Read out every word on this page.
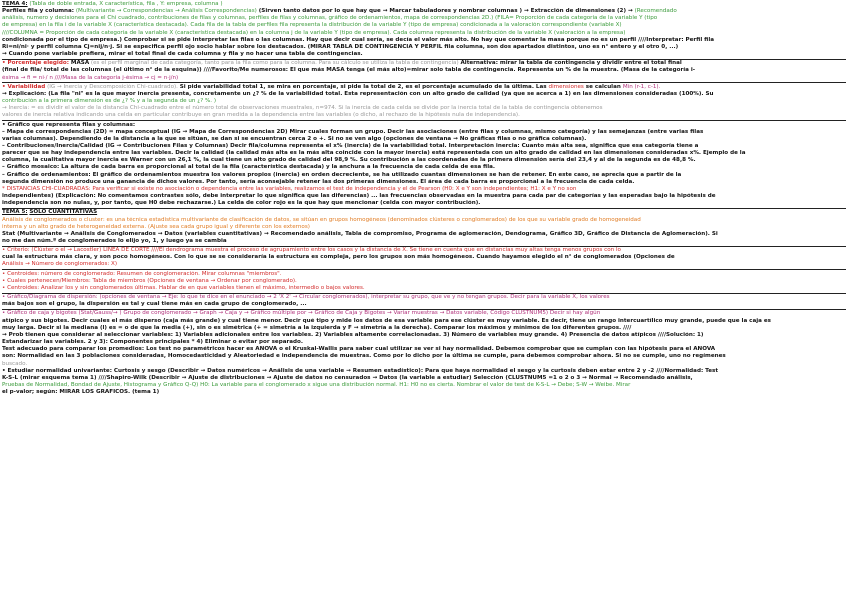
TEMA 4: (Tabla de doble entrada, X característica, fila , Y: empresa, columna )
Perfiles fila y columna: (Multivariante → Correspondencias → Análisis Correspondencias) (Sirven tanto datos por lo que hay que → Marcar tabuladores y nombrar columnas ) → Extracción de dimensiones (2) → (Recomendado
análisis, numero y decisiones para el Chi cuadrado, contribuciones de filas y columnas, perfiles de filas y columnas, gráfico de ordenamientos, mapa de correspondencias 2D.) (FILA= Proporción de cada categoría de la variable Y (tipo
de empresa) en la fila i de la variable X (característica destacada). Cada fila de la tabla de perfiles fila representa la distribución de la variable Y (tipo de empresa) condicionada a la valoración correspondiente (variable X)
////COLUMNA = Proporción de cada categoría de la variable X (característica destacada) en la columna j de la variable Y (tipo de empresa). Cada columna representa la distribución de la variable X (valoración a la empresa)
condicionada por el tipo de empresa.) Comprobar si se pide interpretar las filas o las columnas. Hay que decir cual sería, se decía el valor más alto. No hay que comentar la masa porque no es un perfil ////Interpretar: Perfil fila
Ri=ni/ni· y perfil columna Cj=nij/n·j. Si se especifica perfil ojo socio hablar sobre los destacados. (MIRAR TABLA DE CONTINGENCIA Y PERFIL fila columna, son dos apartados distintos, uno es n° entero y el otro 0, ...)
→ Cuando pone variable prefiera, mirar el total final de cada columna y fila y no hacer una tabla de contingencias.
• Porcentaje elegido: MASA (es el perfil marginal de cada categoría, tanto para la fila como para la columna. Para su cálculo se utiliza la tabla de contingencia) Alternativa: mirar la tabla de contingencia y dividir entre el total final
(final de fila/ total de las columnas (el último n° de la esquina)) ////Favorito/Me numerosos: El que más MASA tenga (el más alto)=mirar solo tabla de contingencia. Representa un % de la muestra. (Masa de la categoría i-
ésima → fi = ni·/ n ////Masa de la categoría j-ésima → cj = n·j/n)
• Variabilidad (IG → Inercia y Descomposición Chi-cuadrado). Si pide variabilidad total 1, se mira en porcentaje, si pide la total de 2, es el porcentaje acumulado de la última. Las dimensiones se calculan Min (r-1, c-1).
→ Explicación: (La fila "ni" es la que mayor inercia presenta, concretamente un ¿? % de la variabilidad total. Esta representación con un alto grado de calidad (ya que se acerca a 1) en las dimensiones consideradas (100%). Su
contribución a la primera dimensión es de ¿? % y a la segunda de un ¿? %. )
→ Inercia: = es dividir el valor de la distancia Chi-cuadrado entre el número total de observaciones muestrales, n=974. Si la inercia de cada celda se divide por la inercia total de la tabla de contingencia obtenemos
valores de inercia relativa indicando una celda en particular contribuye en gran medida a la dependencia entre las variables (o dicho, al rechazo de la hipótesis nula de independencia).
• Gráfico que representa filas y columnas:
– Mapa de correspondencias (2D) = mapa conceptual (IG → Mapa de Correspondencias 2D) Mirar cuales forman un grupo. Decir las asociaciones (entre filas y columnas, mismo categoría) y las semejanzas (entre varias filas
varias columnas). Dependiendo de la distancia a la que se sitúan, se dan si se encuentran cerca 2 o +. Si no se ven algo (opciones de ventana → No gráficas filas o no gráfica columnas).
– Contribuciones/Inercia/Calidad (IG → Contribuciones Filas y Columnas) Decir fila/columna representa el x% (inercia) de la variabilidad total. Interpretación inercia: Cuanto más alta sea, significa que esa categoría tiene a
parecer que se hay independencia entre las variables. Decir la calidad (la calidad más alta es la más alta coincide con la mayor inercia) está representada con un alto grado de calidad en las dimensiones consideradas x%. Ejemplo de la
columna, la cualitativa mayor inercia es Warner con un 26,1 %, la cual tiene un alto grado de calidad del 98,9 %. Su contribución a las coordenadas de la primera dimensión sería del 23,4 y al de la segunda es de 48,8 %.
– Gráfico mosaico: La altura de cada barra es proporcional al total de la fila (característica destacada) y la anchura a la frecuencia de cada celda de esa fila.
– Gráfico de ordenamientos: El gráfico de ordenamientos muestra los valores propios (inercia) en orden decreciente, se ha utilizado cuantas dimensiones se han de retener. En este caso, se aprecia que a partir de la
segunda dimensión no produce una ganancia de dichos valores. Por tanto, sería aconsejable retener las dos primeras dimensiones. El área de cada barra es proporcional a la frecuencia de cada celda.
* DISTANCIAS CHI-CUADRADAS: Para verificar si existe no asociación o dependencia entre las variables, realizamos el test de independencia y el de Pearson (H0: X e Y son independientes; H1: X e Y no son
independientes) (Explicación: No comentamos contrastes sólo, debe interpretar lo que significa que las diferencias) ... las frecuencias observadas en la muestra para cada par de categorías y las esperadas bajo la hipótesis de
independencia son no nulas, y, por tanto, que H0 debe rechazarse.) La celda de color rojo es la que hay que mencionar (celda con mayor contribución).
TEMA 5: SOLO CUANTITATIVAS
Análisis de conglomerados o cluster: es una técnica estadística multivariante de clasificación de datos, se sitúan en grupos homogéneos (denominados clústeres o conglomerados) de los que su variable grado de homogeneidad
interna y un alto grado de heterogeneidad externa. (Ajuste sea cada grupo igual y diferente con los externos)
Stat (Multivariante → Análisis de Conglomerados → Datos (variables cuantitativas) → Recomendado análisis, Tabla de compromiso, Programa de aglomeración, Dendograma, Gráfico 3D, Gráfico de Distancia de Aglomeración). Si
no me dan núm.º de conglomerados lo elijo yo, 1, y luego ya se cambia
• Criterio: (Clúster o el → Lacostler) LINEA DE CORTE ////El dendrograma muestra el proceso de agrupamiento entre los casos y la distancia de X. Se tiene en cuenta que en distancias muy altas tenga menos grupos con lo
cual la estructura más clara, y son poco homogéneos. Con lo que se se consideraría la estructura es compleja, pero los grupos son más homogéneos. Cuando hayamos elegido el n° de conglomerados (Opciones de
Análisis → Número de conglomerados: X)
• Centroides: número de conglomerado: Resumen de conglomeración. Mirar columnas "miembros".
• Cuales pertenecen/Miembros: Tabla de miembros (Opciones de ventana → Ordenar por conglomerado).
• Centroides: Analizar los y sin conglomerados últimas. Hablar de en que variables tienen el máximo, intermedio o bajos valores.
• Gráfico/Diagrama de dispersión: (opciones de ventana → Eje: lo que te dice en el enunciado → 2 'X 2' → Circular conglomerados), interpretar su grupo, que ve y no tengan grupos. Decir para la variable X, los valores
más bajos son el grupo, la dispersión es tal y cual tiene más en cada grupo de conglomerado, ...
• Gráfico de caja y bigotes (Stat/Gauss/→ ) Grupo de conglomerado → Graph → Caja y → Gráfico múltiple por → Gráfico de Caja y Bigotes → Variar muestras → Datos variable, Código CLUSTNUM5) Decir si hay algún
atípico y sus bigotes. Decir cuales el más disperso (caja más grande) y cual tiene menor. Decir qué tipo y mide los datos de esa variable para ese clúster es muy variable. Es decir, tiene un rango intercuartílico muy grande, puede que la caja es
muy larga. Decir si la mediana (l) es = o de que la media (+), sin o es simétrica (+ = simetría a la izquierda y F → simetría a la derecha). Comparar los máximos y mínimos de los diferentes grupos. ////
→ Prob tienen que considerar al seleccionar variables: 1) Variables adicionales entre los variables. 2) Variables altamente correlacionadas. 3) Número de variables muy grande. 4) Presencia de datos atípicos ////Solución: 1)
Estandarizar las variables. 2 y 3): Componentes principales * 4) Eliminar o evitar por separado.
Test adecuado para comparar los promedios: Los test no paramétricos hacer es ANOVA o el Kruskal-Wallis para saber cual utilizar se ver si hay normalidad. Debemos comprobar que se cumplan con las hipótesis para el ANOVA
son: Normalidad en las 3 poblaciones consideradas, Homocedasticidad y Aleatoriedad e independencia de muestras. Como por lo dicho por la última se cumple, para debemos comprobar ahora. Si no se cumple, uno no regímenes
buscado.
• Estudiar normalidad univariante: Curtosis y sesgo (Describir → Datos numéricos → Análisis de una variable → Resumen estadístico): Para que haya normalidad el sesgo y la curtosis deben estar entre 2 y -2 ////Normalidad: Test
K-S-L (mirar esquema tema 1) ////Shapiro-Wilk (Describir → Ajuste de distribuciones → Ajuste de datos no censurados → Datos (la variable a estudiar) Selección (CLUSTNUM5 =1 o 2 o 3 → Normal → Recomendado análisis,
Pruebas de Normalidad, Bondad de Ajuste, Histograma y Gráfico Q-Q) H0: La variable para el conglomerado x sigue una distribución normal. H1: H0 no es cierta. Nombrar el valor de test de K-S-L → Debe; S-W → Weibe. Mirar
el p-valor; según: MIRAR LOS GRÁFICOS. (tema 1)
